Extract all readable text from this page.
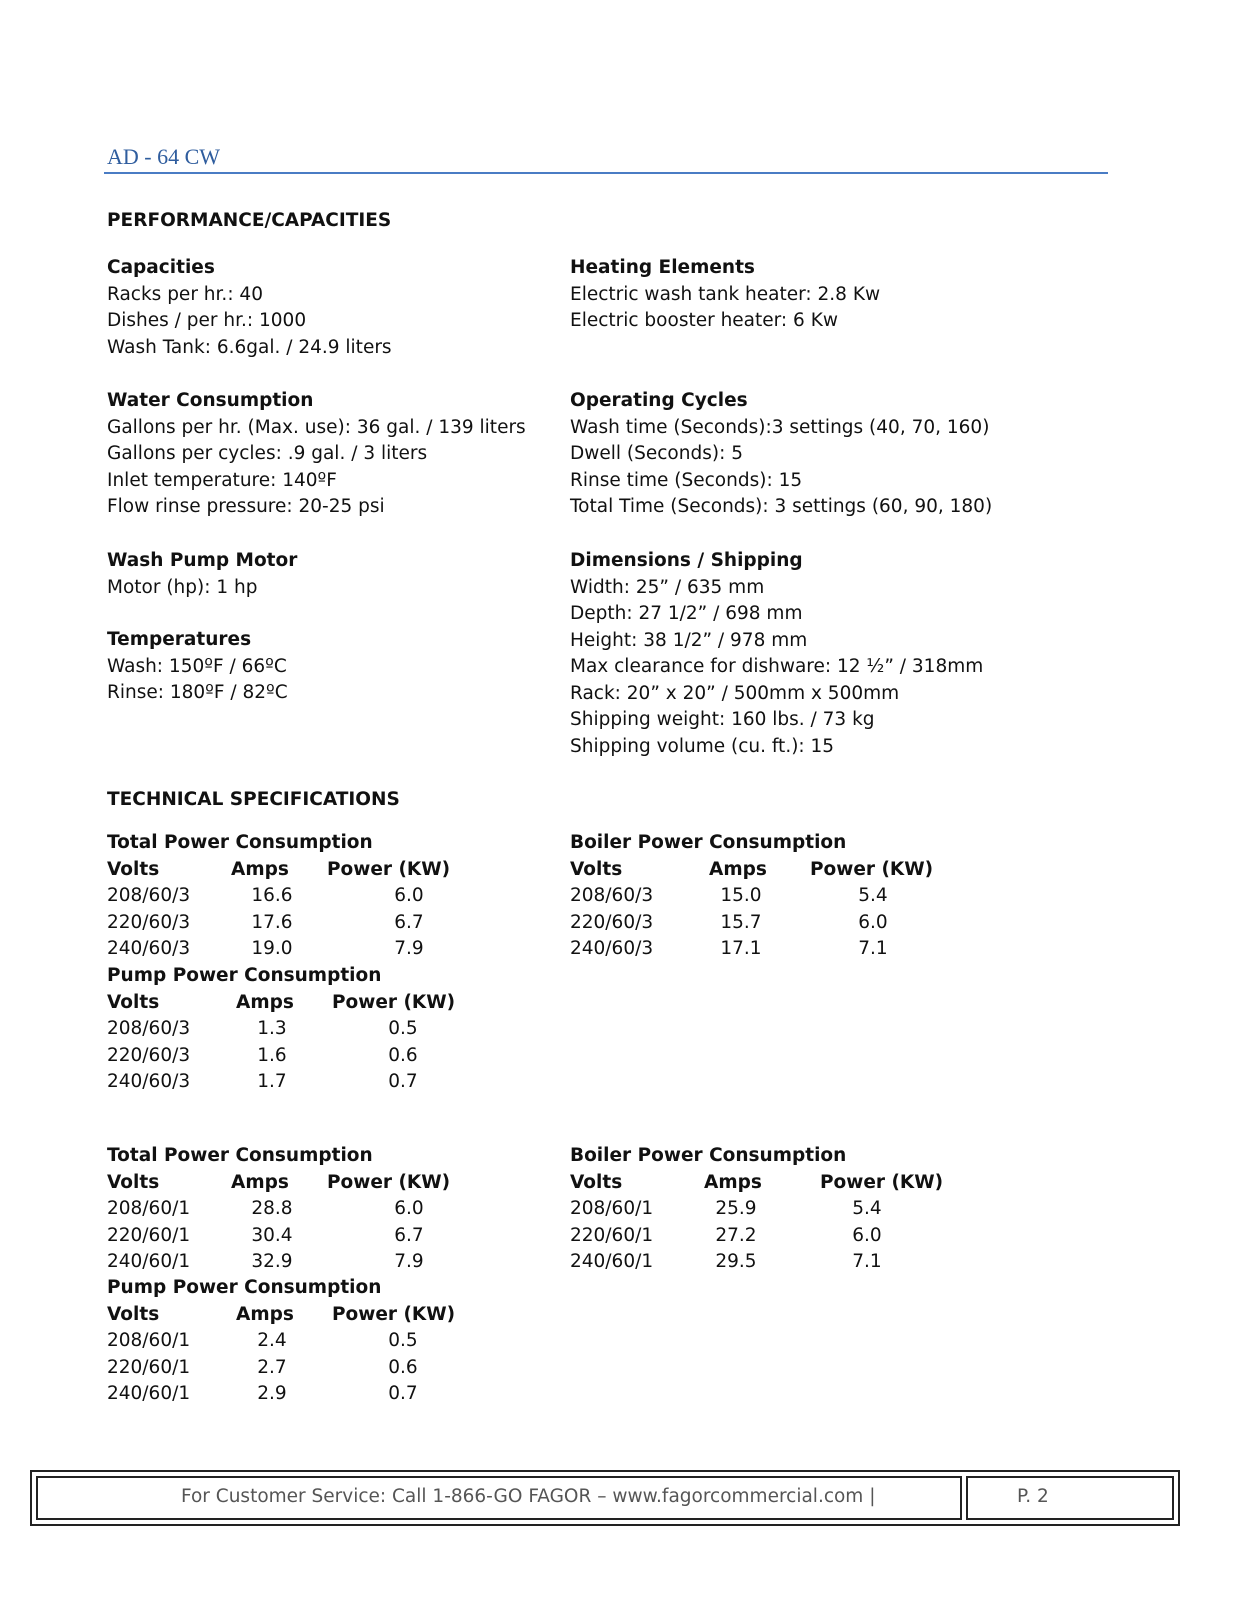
AD - 64 CW
PERFORMANCE/CAPACITIES
Capacities
Racks per hr.: 40
Dishes / per hr.: 1000
Wash Tank: 6.6gal. / 24.9 liters
Heating Elements
Electric wash tank heater: 2.8 Kw
Electric booster heater: 6 Kw
Water Consumption
Gallons per hr. (Max. use): 36 gal. / 139 liters
Gallons per cycles: .9 gal. / 3 liters
Inlet temperature: 140ºF
Flow rinse pressure: 20-25 psi
Operating Cycles
Wash time (Seconds):3 settings (40, 70, 160)
Dwell (Seconds): 5
Rinse time (Seconds): 15
Total Time (Seconds): 3 settings (60, 90, 180)
Wash Pump Motor
Motor (hp): 1 hp
Temperatures
Wash: 150ºF / 66ºC
Rinse: 180ºF / 82ºC
Dimensions / Shipping
Width: 25” / 635 mm
Depth: 27 1/2” / 698 mm
Height: 38 1/2” / 978 mm
Max clearance for dishware: 12 ½” / 318mm
Rack: 20” x 20” / 500mm x 500mm
Shipping weight: 160 lbs. / 73 kg
Shipping volume (cu. ft.): 15
TECHNICAL SPECIFICATIONS
Total Power Consumption
Volts	Amps Power (KW)
208/60/3	16.6	6.0
220/60/3	17.6	6.7
240/60/3	19.0	7.9
Pump Power Consumption
Volts	Amps Power (KW)
208/60/3	1.3	0.5
220/60/3	1.6	0.6
240/60/3	1.7	0.7
Boiler Power Consumption
Volts	Amps Power (KW)
208/60/3	15.0	5.4
220/60/3	15.7	6.0
240/60/3	17.1	7.1
Total Power Consumption
Volts	Amps Power (KW)
208/60/1	28.8	6.0
220/60/1	30.4	6.7
240/60/1	32.9	7.9
Pump Power Consumption
Volts	Amps Power (KW)
208/60/1	2.4	0.5
220/60/1	2.7	0.6
240/60/1	2.9	0.7
Boiler Power Consumption
Volts	Amps	Power (KW)
208/60/1	25.9	5.4
220/60/1	27.2	6.0
240/60/1	29.5	7.1
For Customer Service: Call 1-866-GO FAGOR – www.fagorcommercial.com |	P. 2
